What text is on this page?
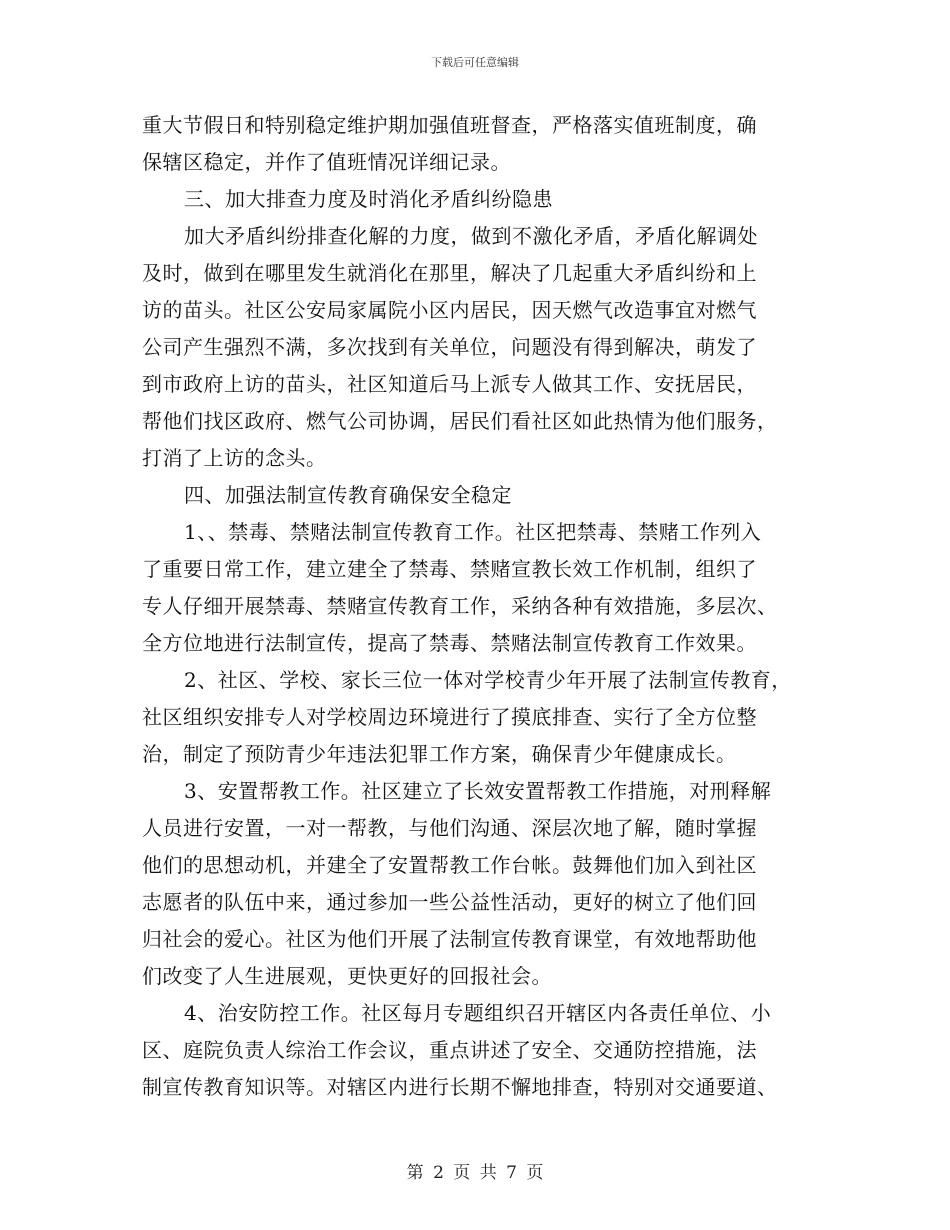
下载后可任意编辑
重大节假日和特别稳定维护期加强值班督查，严格落实值班制度，确
保辖区稳定，并作了值班情况详细记录。
三、加大排查力度及时消化矛盾纠纷隐患
加大矛盾纠纷排查化解的力度，做到不激化矛盾，矛盾化解调处
及时，做到在哪里发生就消化在那里，解决了几起重大矛盾纠纷和上
访的苗头。社区公安局家属院小区内居民，因天燃气改造事宜对燃气
公司产生强烈不满，多次找到有关单位，问题没有得到解决，萌发了
到市政府上访的苗头，社区知道后马上派专人做其工作、安抚居民，
帮他们找区政府、燃气公司协调，居民们看社区如此热情为他们服务，
打消了上访的念头。
四、加强法制宣传教育确保安全稳定
1、、禁毒、禁赌法制宣传教育工作。社区把禁毒、禁赌工作列入
了重要日常工作，建立建全了禁毒、禁赌宣教长效工作机制，组织了
专人仔细开展禁毒、禁赌宣传教育工作，采纳各种有效措施，多层次、
全方位地进行法制宣传，提高了禁毒、禁赌法制宣传教育工作效果。
2、社区、学校、家长三位一体对学校青少年开展了法制宣传教育，
社区组织安排专人对学校周边环境进行了摸底排查、实行了全方位整
治，制定了预防青少年违法犯罪工作方案，确保青少年健康成长。
3、安置帮教工作。社区建立了长效安置帮教工作措施，对刑释解
人员进行安置，一对一帮教，与他们沟通、深层次地了解，随时掌握
他们的思想动机，并建全了安置帮教工作台帐。鼓舞他们加入到社区
志愿者的队伍中来，通过参加一些公益性活动，更好的树立了他们回
归社会的爱心。社区为他们开展了法制宣传教育课堂，有效地帮助他
们改变了人生进展观，更快更好的回报社会。
4、治安防控工作。社区每月专题组织召开辖区内各责任单位、小
区、庭院负责人综治工作会议，重点讲述了安全、交通防控措施，法
制宣传教育知识等。对辖区内进行长期不懈地排查，特别对交通要道、
第 2 页 共 7 页
